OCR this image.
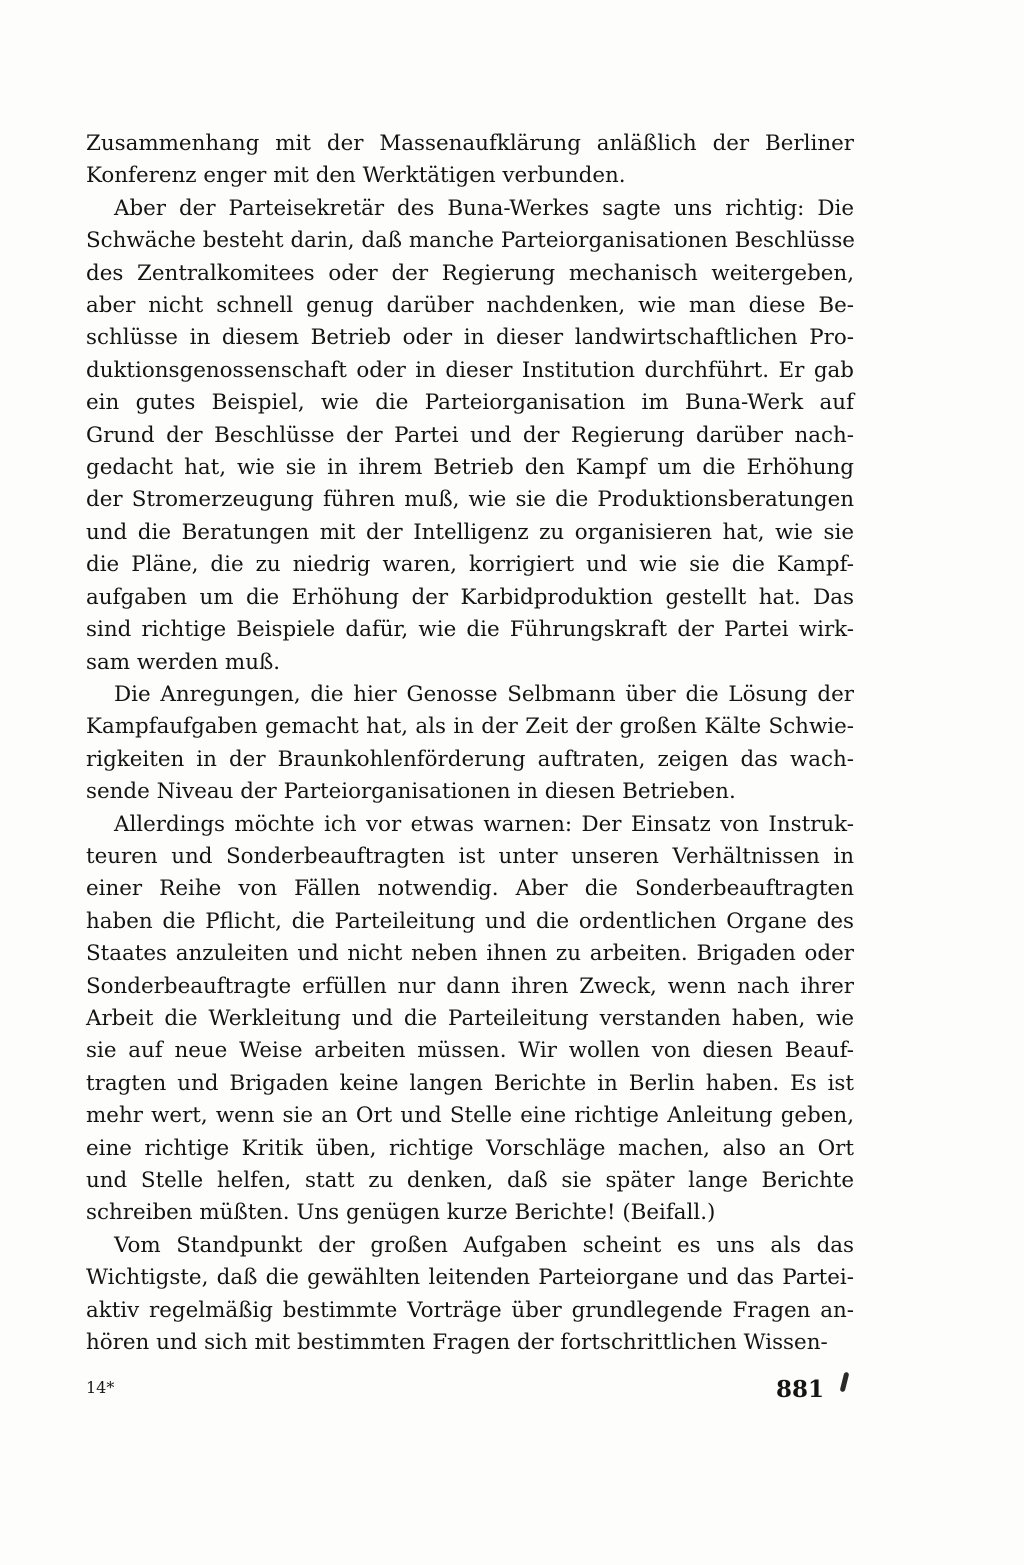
Zusammenhang mit der Massenaufklärung anläßlich der Berliner
Konferenz enger mit den Werktätigen verbunden.

Aber der Parteisekretär des Buna-Werkes sagte uns richtig: Die
Schwäche besteht darin, daß manche Parteiorganisationen Beschlüsse
des Zentralkomitees oder der Regierung mechanisch weitergeben,
aber nicht schnell genug darüber nachdenken, wie man diese Be-
schlüsse in diesem Betrieb oder in dieser landwirtschaftlichen Pro-
duktionsgenossenschaft oder in dieser Institution durchführt. Er gab
ein gutes Beispiel, wie die Parteiorganisation im Buna-Werk auf
Grund der Beschlüsse der Partei und der Regierung darüber nach-
gedacht hat, wie sie in ihrem Betrieb den Kampf um die Erhöhung
der Stromerzeugung führen muß, wie sie die Produktionsberatungen
und die Beratungen mit der Intelligenz zu organisieren hat, wie sie
die Pläne, die zu niedrig waren, korrigiert und wie sie die Kampf-
aufgaben um die Erhöhung der Karbidproduktion gestellt hat. Das
sind richtige Beispiele dafür, wie die Führungskraft der Partei wirk-
sam werden muß.

Die Anregungen, die hier Genosse Selbmann über die Lösung der
Kampfaufgaben gemacht hat, als in der Zeit der großen Kälte Schwie-
rigkeiten in der Braunkohlenförderung auftraten, zeigen das wach-
sende Niveau der Parteiorganisationen in diesen Betrieben.

Allerdings möchte ich vor etwas warnen: Der Einsatz von Instruk-
teuren und Sonderbeauftragten ist unter unseren Verhältnissen in
einer Reihe von Fällen notwendig. Aber die Sonderbeauftragten
haben die Pflicht, die Parteileitung und die ordentlichen Organe des
Staates anzuleiten und nicht neben ihnen zu arbeiten. Brigaden oder
Sonderbeauftragte erfüllen nur dann ihren Zweck, wenn nach ihrer
Arbeit die Werkleitung und die Parteileitung verstanden haben, wie
sie auf neue Weise arbeiten müssen. Wir wollen von diesen Beauf-
tragten und Brigaden keine langen Berichte in Berlin haben. Es ist
mehr wert, wenn sie an Ort und Stelle eine richtige Anleitung geben,
eine richtige Kritik üben, richtige Vorschläge machen, also an Ort
und Stelle helfen, statt zu denken, daß sie später lange Berichte
schreiben müßten. Uns genügen kurze Berichte! (Beifall.)

Vom Standpunkt der großen Aufgaben scheint es uns als das
Wichtigste, daß die gewählten leitenden Parteiorgane und das Partei-
aktiv regelmäßig bestimmte Vorträge über grundlegende Fragen an-
hören und sich mit bestimmten Fragen der fortschrittlichen Wissen-

14*	881
